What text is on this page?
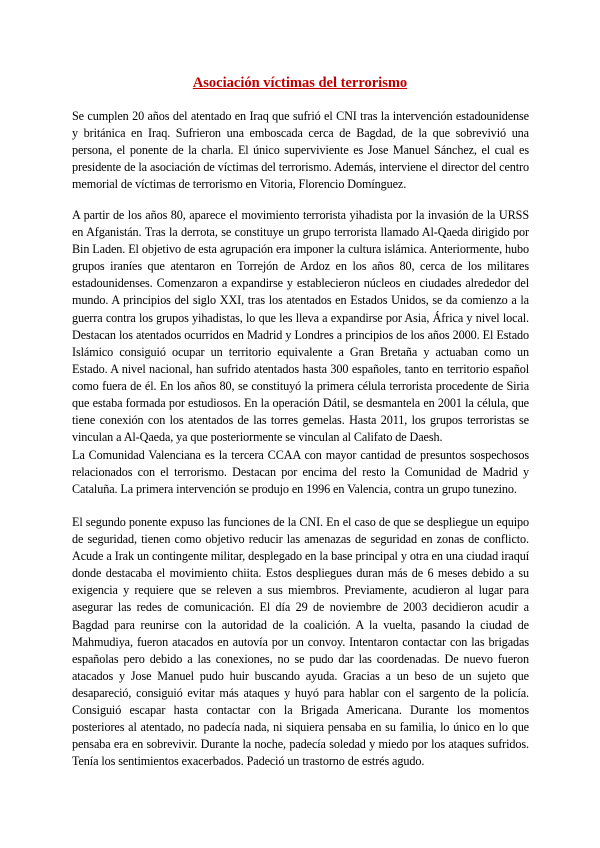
Asociación víctimas del terrorismo

Se cumplen 20 años del atentado en Iraq que sufrió el CNI tras la intervención estadounidense y británica en Iraq. Sufrieron una emboscada cerca de Bagdad, de la que sobrevivió una persona, el ponente de la charla. El único superviviente es Jose Manuel Sánchez, el cual es presidente de la asociación de víctimas del terrorismo. Además, interviene el director del centro memorial de víctimas de terrorismo en Vitoria, Florencio Domínguez.

A partir de los años 80, aparece el movimiento terrorista yihadista por la invasión de la URSS en Afganistán. Tras la derrota, se constituye un grupo terrorista llamado Al-Qaeda dirigido por Bin Laden. El objetivo de esta agrupación era imponer la cultura islámica. Anteriormente, hubo grupos iraníes que atentaron en Torrejón de Ardoz en los años 80, cerca de los militares estadounidenses. Comenzaron a expandirse y establecieron núcleos en ciudades alrededor del mundo. A principios del siglo XXI, tras los atentados en Estados Unidos, se da comienzo a la guerra contra los grupos yihadistas, lo que les lleva a expandirse por Asia, África y nivel local. Destacan los atentados ocurridos en Madrid y Londres a principios de los años 2000. El Estado Islámico consiguió ocupar un territorio equivalente a Gran Bretaña y actuaban como un Estado. A nivel nacional, han sufrido atentados hasta 300 españoles, tanto en territorio español como fuera de él. En los años 80, se constituyó la primera célula terrorista procedente de Siria que estaba formada por estudiosos. En la operación Dátil, se desmantela en 2001 la célula, que tiene conexión con los atentados de las torres gemelas. Hasta 2011, los grupos terroristas se vinculan a Al-Qaeda, ya que posteriormente se vinculan al Califato de Daesh.

La Comunidad Valenciana es la tercera CCAA con mayor cantidad de presuntos sospechosos relacionados con el terrorismo. Destacan por encima del resto la Comunidad de Madrid y Cataluña. La primera intervención se produjo en 1996 en Valencia, contra un grupo tunezino.

El segundo ponente expuso las funciones de la CNI. En el caso de que se despliegue un equipo de seguridad, tienen como objetivo reducir las amenazas de seguridad en zonas de conflicto. Acude a Irak un contingente militar, desplegado en la base principal y otra en una ciudad iraquí donde destacaba el movimiento chiita. Estos despliegues duran más de 6 meses debido a su exigencia y requiere que se releven a sus miembros. Previamente, acudieron al lugar para asegurar las redes de comunicación. El día 29 de noviembre de 2003 decidieron acudir a Bagdad para reunirse con la autoridad de la coalición. A la vuelta, pasando la ciudad de Mahmudiya, fueron atacados en autovía por un convoy. Intentaron contactar con las brigadas españolas pero debido a las conexiones, no se pudo dar las coordenadas. De nuevo fueron atacados y Jose Manuel pudo huir buscando ayuda. Gracias a un beso de un sujeto que desapareció, consiguió evitar más ataques y huyó para hablar con el sargento de la policía. Consiguió escapar hasta contactar con la Brigada Americana. Durante los momentos posteriores al atentado, no padecía nada, ni siquiera pensaba en su familia, lo único en lo que pensaba era en sobrevivir. Durante la noche, padecía soledad y miedo por los ataques sufridos. Tenía los sentimientos exacerbados. Padeció un trastorno de estrés agudo.
